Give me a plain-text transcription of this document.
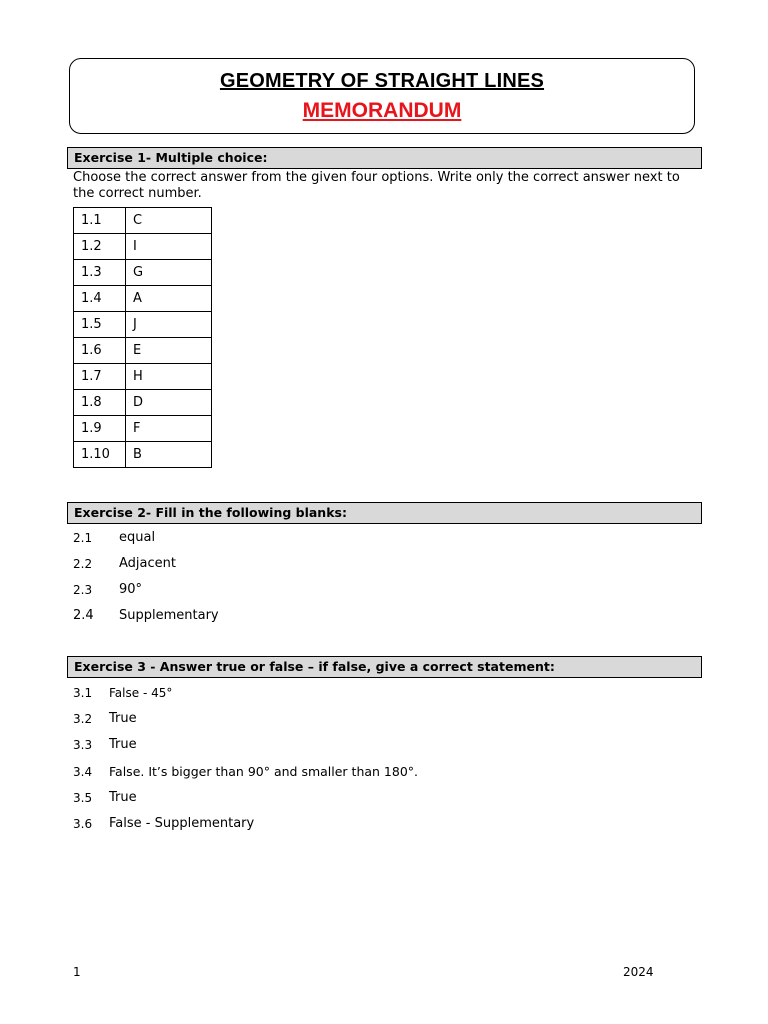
GEOMETRY OF STRAIGHT LINES
MEMORANDUM
Exercise 1- Multiple choice:
Choose the correct answer from the given four options. Write only the correct answer next to the correct number.
1.1	C
1.2	I
1.3	G
1.4	A
1.5	J
1.6	E
1.7	H
1.8	D
1.9	F
1.10	B
Exercise 2- Fill in the following blanks:
2.1 equal
2.2 Adjacent
2.3 90°
2.4 Supplementary
Exercise 3 - Answer true or false – if false, give a correct statement:
3.1 False - 45°
3.2 True
3.3 True
3.4 False. It’s bigger than 90° and smaller than 180°.
3.5 True
3.6 False - Supplementary
1	2024
